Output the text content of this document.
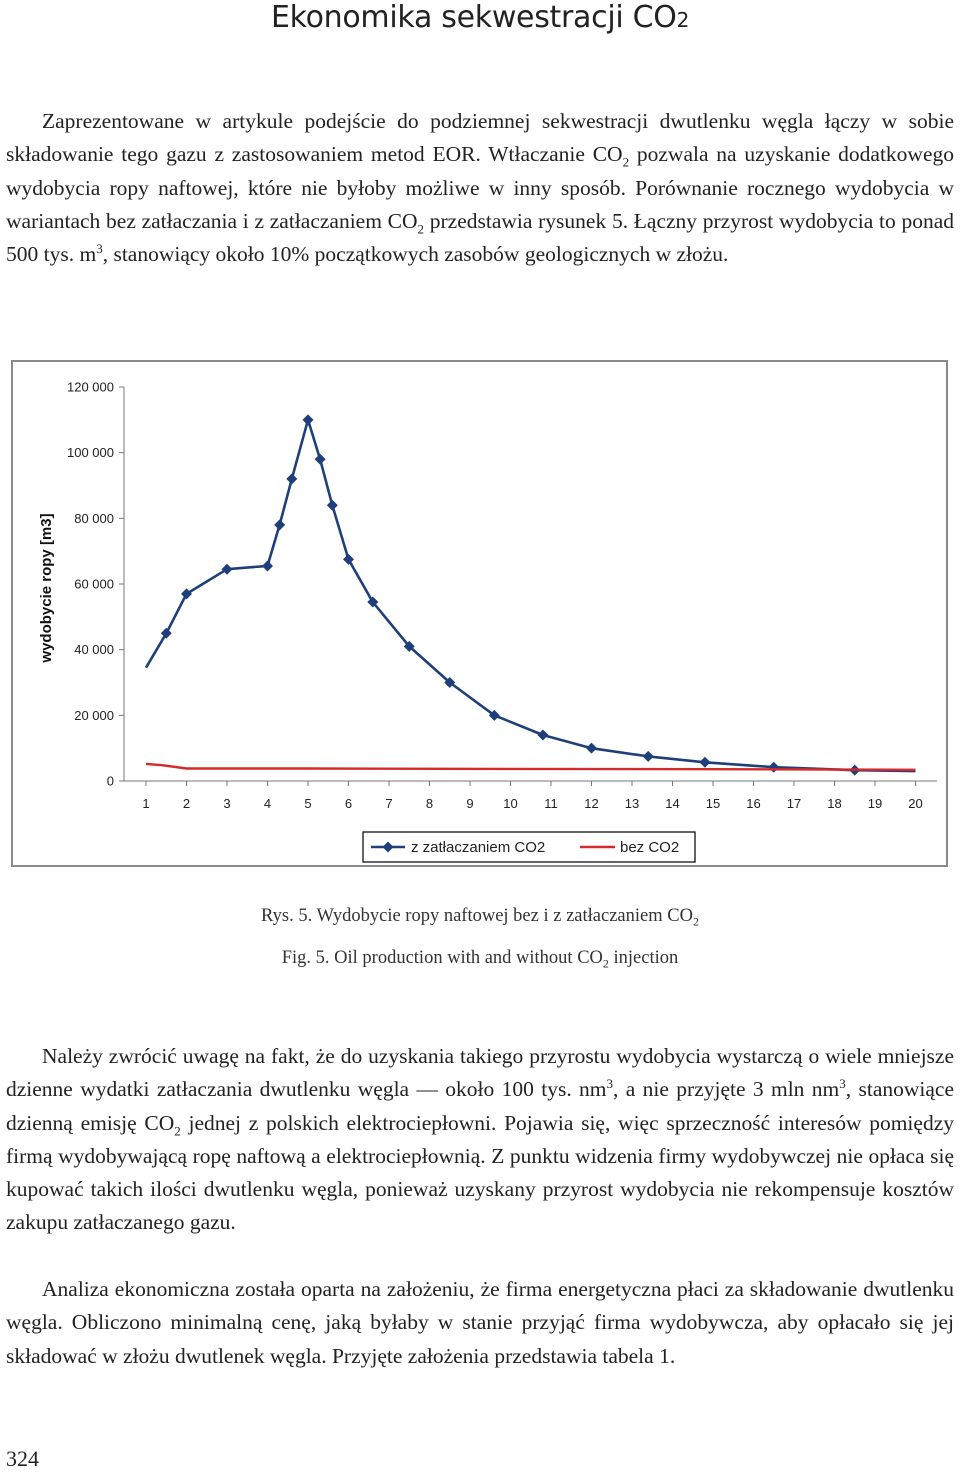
Ekonomika sekwestracji CO2

Zaprezentowane w artykule podejście do podziemnej sekwestracji dwutlenku węgla łączy w sobie składowanie tego gazu z zastosowaniem metod EOR. Wtłaczanie $CO_2$ pozwala na uzyskanie dodatkowego wydobycia ropy naftowej, które nie byłoby możliwe w inny sposób. Porównanie rocznego wydobycia w wariantach bez zatłaczania i z zatłaczaniem $CO_2$ przedstawia rysunek 5. Łączny przyrost wydobycia to ponad 500 tys. $m^3$, stanowiący około 10% początkowych zasobów geologicznych w złożu.

0
20 000
40 000
60 000
80 000
100 000
120 000
1	2	3	4	5	6	7	8	9 10 11 12 13 14 15 16 17 18 19 20
wydobycie ropy [m3]
z zatłaczaniem CO2	bez CO2
Rys. 5. Wydobycie ropy naftowej bez i z zatłaczaniem $CO_2$
Fig. 5. Oil production with and without $CO_2$ injection

Należy zwrócić uwagę na fakt, że do uzyskania takiego przyrostu wydobycia wystarczą o wiele mniejsze dzienne wydatki zatłaczania dwutlenku węgla — około 100 tys. $nm^3$, a nie przyjęte 3 mln $nm^3$, stanowiące dzienną emisję $CO_2$ jednej z polskich elektrociepłowni. Pojawia się, więc sprzeczność interesów pomiędzy firmą wydobywającą ropę naftową a elektrociepłownią. Z punktu widzenia firmy wydobywczej nie opłaca się kupować takich ilości dwutlenku węgla, ponieważ uzyskany przyrost wydobycia nie rekompensuje kosztów zakupu zatłaczanego gazu.

Analiza ekonomiczna została oparta na założeniu, że firma energetyczna płaci za składowanie dwutlenku węgla. Obliczono minimalną cenę, jaką byłaby w stanie przyjąć firma wydobywcza, aby opłacało się jej składować w złożu dwutlenek węgla. Przyjęte założenia przedstawia tabela 1.

324
